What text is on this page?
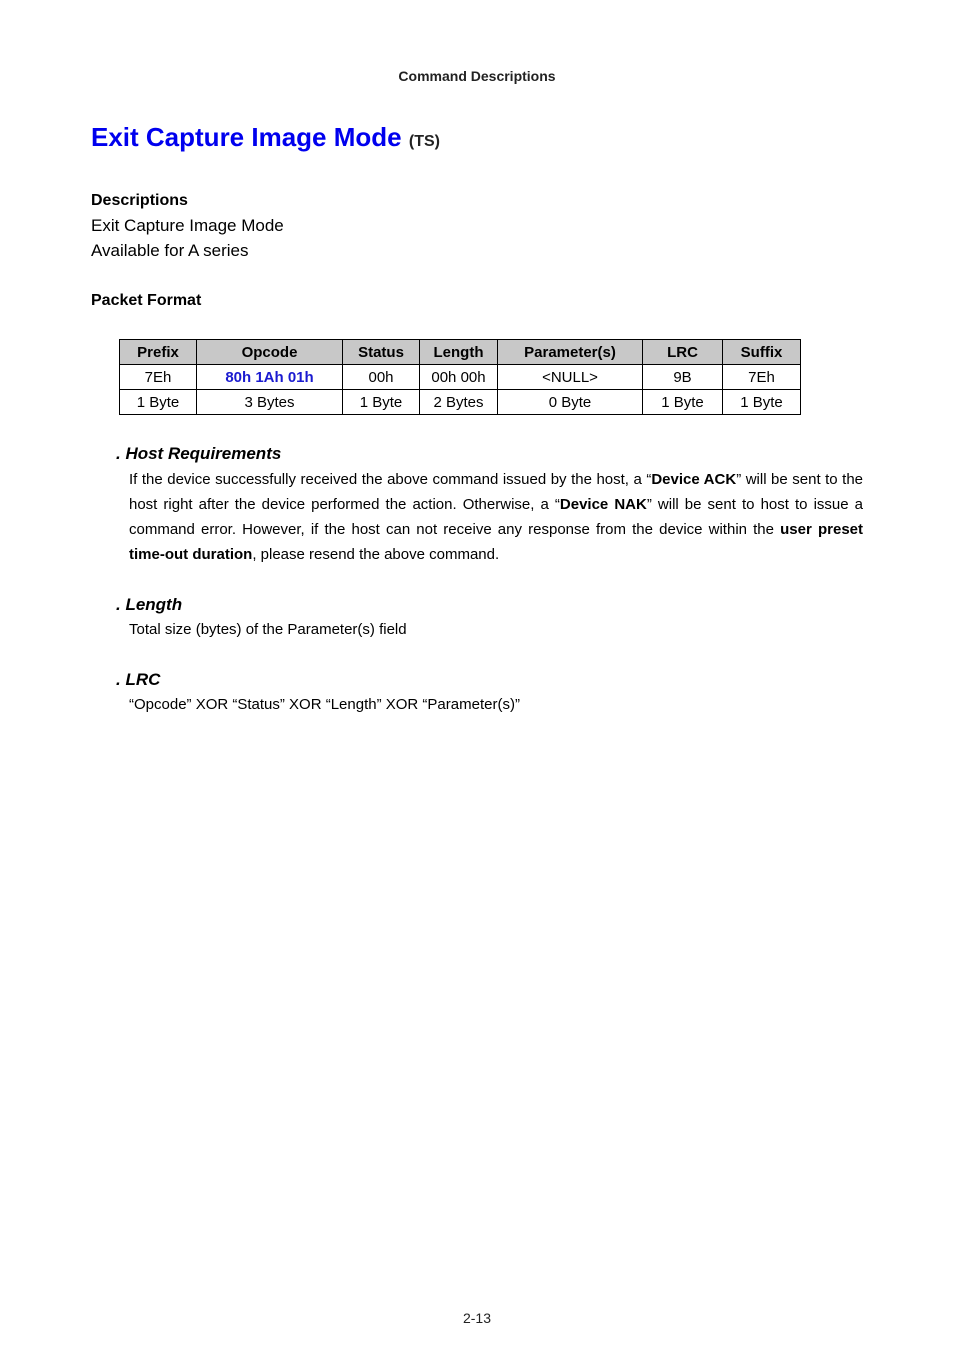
Command Descriptions
Exit Capture Image Mode (TS)
Descriptions
Exit Capture Image Mode
Available for A series
Packet Format
Prefix	Opcode	Status	Length	Parameter(s)	LRC	Suffix
7Eh	80h 1Ah 01h	00h	00h 00h	<NULL>	9B	7Eh
1 Byte	3 Bytes	1 Byte	2 Bytes	0 Byte	1 Byte	1 Byte
. Host Requirements
If the device successfully received the above command issued by the host, a “Device ACK” will be sent to the host right after the device performed the action. Otherwise, a “Device NAK” will be sent to host to issue a command error. However, if the host can not receive any response from the device within the user preset time-out duration, please resend the above command.
. Length
Total size (bytes) of the Parameter(s) field
. LRC
“Opcode” XOR “Status” XOR “Length” XOR “Parameter(s)”
2-13
